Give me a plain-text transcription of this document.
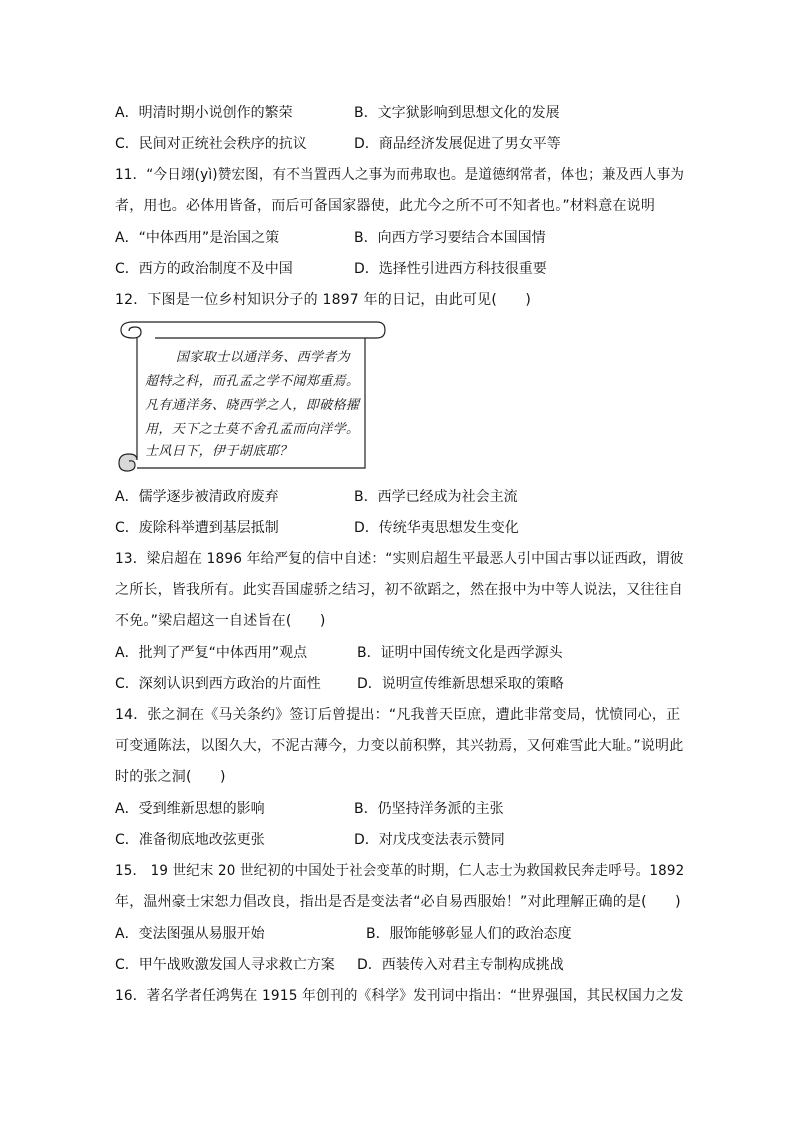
A．明清时期小说创作的繁荣	B．文字狱影响到思想文化的发展
C．民间对正统社会秩序的抗议	D．商品经济发展促进了男女平等
11．“今日翊(yì)赞宏图，有不当置西人之事为而弗取也。是道德纲常者，体也；兼及西人事为
者，用也。必体用皆备，而后可备国家器使，此尤今之所不可不知者也。”材料意在说明
A．“中体西用”是治国之策	B．向西方学习要结合本国国情
C．西方的政治制度不及中国	D．选择性引进西方科技很重要
12．下图是一位乡村知识分子的 1897 年的日记，由此可见(　　)
国家取士以通洋务、西学者为
超特之科，而孔孟之学不闻郑重焉。
凡有通洋务、晓西学之人，即破格擢
用，天下之士莫不舍孔孟而向洋学。
士风日下，伊于胡底耶？
A．儒学逐步被清政府废弃	B．西学已经成为社会主流
C．废除科举遭到基层抵制	D．传统华夷思想发生变化
13．梁启超在 1896 年给严复的信中自述：“实则启超生平最恶人引中国古事以证西政，谓彼
之所长，皆我所有。此实吾国虚骄之结习，初不欲蹈之，然在报中为中等人说法，又往往自
不免。”梁启超这一自述旨在(　　)
A．批判了严复“中体西用”观点	B．证明中国传统文化是西学源头
C．深刻认识到西方政治的片面性	D．说明宣传维新思想采取的策略
14．张之洞在《马关条约》签订后曾提出：“凡我普天臣庶，遭此非常变局，忧愤同心，正
可变通陈法，以图久大，不泥古薄今，力变以前积弊，其兴勃焉，又何难雪此大耻。”说明此
时的张之洞(　　)
A．受到维新思想的影响	B．仍坚持洋务派的主张
C．准备彻底地改弦更张	D．对戊戌变法表示赞同
15． 19 世纪末 20 世纪初的中国处于社会变革的时期，仁人志士为救国救民奔走呼号。1892
年，温州豪士宋恕力倡改良，指出是否是变法者“必自易西服始！”对此理解正确的是(　　)
A．变法图强从易服开始	B．服饰能够彰显人们的政治态度
C．甲午战败激发国人寻求救亡方案 D．西装传入对君主专制构成挑战
16．著名学者任鸿隽在 1915 年创刊的《科学》发刊词中指出：“世界强国，其民权国力之发
